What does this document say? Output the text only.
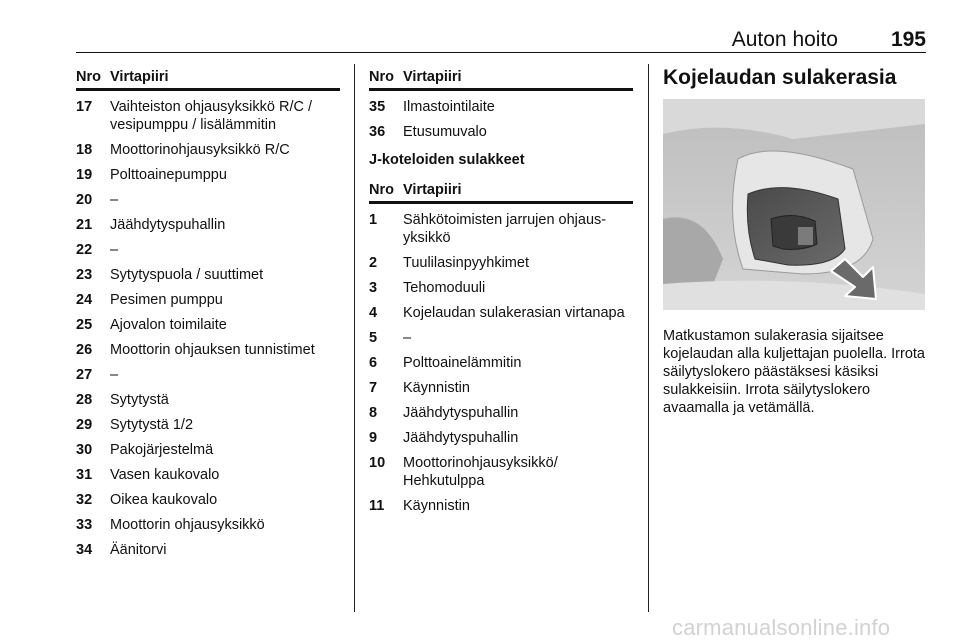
Auton hoito	195
Nro Virtapiiri
17	Vaihteiston ohjausyksikkö R/C / vesipumppu / lisälämmitin
18	Moottorinohjausyksikkö R/C
19	Polttoainepumppu
20	–
21	Jäähdytyspuhallin
22	–
23	Sytytyspuola / suuttimet
24	Pesimen pumppu
25	Ajovalon toimilaite
26	Moottorin ohjauksen tunnistimet
27	–
28	Sytytystä
29	Sytytystä 1/2
30	Pakojärjestelmä
31	Vasen kaukovalo
32	Oikea kaukovalo
33	Moottorin ohjausyksikkö
34	Äänitorvi
Nro Virtapiiri
35	Ilmastointilaite
36	Etusumuvalo
J-koteloiden sulakkeet
Nro Virtapiiri
1	Sähkötoimisten jarrujen ohjausyksikkö
2	Tuulilasinpyyhkimet
3	Tehomoduuli
4	Kojelaudan sulakerasian virtanapa
5	–
6	Polttoainelämmitin
7	Käynnistin
8	Jäähdytyspuhallin
9	Jäähdytyspuhallin
10	Moottorinohjausyksikkö/ Hehkutulppa
11	Käynnistin
Kojelaudan sulakerasia
Matkustamon sulakerasia sijaitsee kojelaudan alla kuljettajan puolella. Irrota säilytyslokero päästäksesi käsiksi sulakkeisiin. Irrota säilytyslokero avaamalla ja vetämällä.
carmanualsonline.info
